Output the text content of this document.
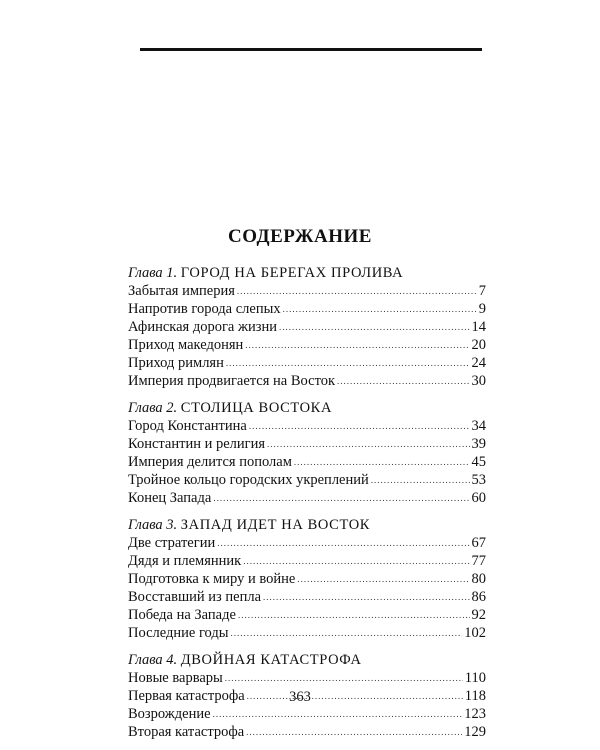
СОДЕРЖАНИЕ
Глава 1. ГОРОД НА БЕРЕГАХ ПРОЛИВА
Забытая империя .....	7
Напротив города слепых .....	9
Афинская дорога жизни .....	14
Приход македонян .....	20
Приход римлян .....	24
Империя продвигается на Восток .....	30
Глава 2. СТОЛИЦА ВОСТОКА
Город Константина .....	34
Константин и религия .....	39
Империя делится пополам .....	45
Тройное кольцо городских укреплений .....	53
Конец Запада .....	60
Глава 3. ЗАПАД ИДЕТ НА ВОСТОК
Две стратегии .....	67
Дядя и племянник .....	77
Подготовка к миру и войне .....	80
Восставший из пепла .....	86
Победа на Западе .....	92
Последние годы .....	102
Глава 4. ДВОЙНАЯ КАТАСТРОФА
Новые варвары .....	110
Первая катастрофа .....	118
Возрождение .....	123
Вторая катастрофа .....	129
363
